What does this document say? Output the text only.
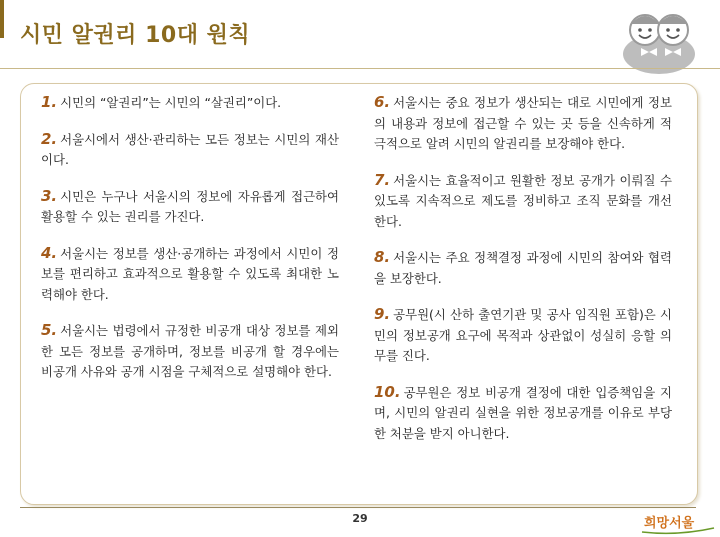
시민 알권리 10대 원칙
1. 시민의 “알권리”는 시민의 “살권리”이다.
2. 서울시에서 생산·관리하는 모든 정보는 시민의 재산이다.
3. 시민은 누구나 서울시의 정보에 자유롭게 접근하여 활용할 수 있는 권리를 가진다.
4. 서울시는 정보를 생산·공개하는 과정에서 시민이 정보를 편리하고 효과적으로 활용할 수 있도록 최대한 노력해야 한다.
5. 서울시는 법령에서 규정한 비공개 대상 정보를 제외한 모든 정보를 공개하며, 정보를 비공개 할 경우에는 비공개 사유와 공개 시점을 구체적으로 설명해야 한다.
6. 서울시는 중요 정보가 생산되는 대로 시민에게 정보의 내용과 정보에 접근할 수 있는 곳 등을 신속하게 적극적으로 알려 시민의 알권리를 보장해야 한다.
7. 서울시는 효율적이고 원활한 정보 공개가 이뤄질 수 있도록 지속적으로 제도를 정비하고 조직 문화를 개선한다.
8. 서울시는 주요 정책결정 과정에 시민의 참여와 협력을 보장한다.
9. 공무원(시 산하 출연기관 및 공사 임직원 포함)은 시민의 정보공개 요구에 목적과 상관없이 성실히 응할 의무를 진다.
10. 공무원은 정보 비공개 결정에 대한 입증책임을 지며, 시민의 알권리 실현을 위한 정보공개를 이유로 부당한 처분을 받지 아니한다.
29	희망서울
